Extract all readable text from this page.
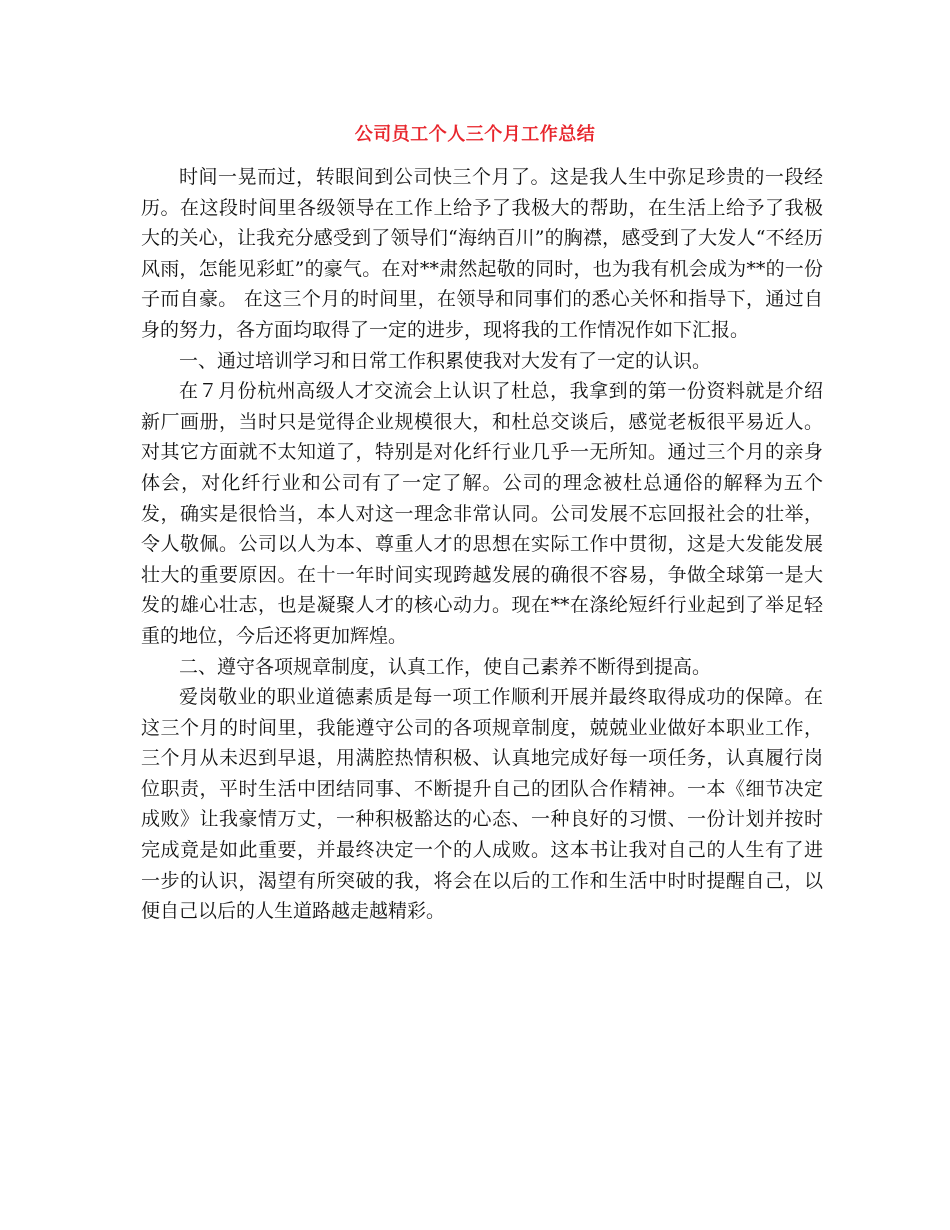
公司员工个人三个月工作总结

时间一晃而过，转眼间到公司快三个月了。这是我人生中弥足珍贵的一段经历。在这段时间里各级领导在工作上给予了我极大的帮助，在生活上给予了我极大的关心，让我充分感受到了领导们“海纳百川”的胸襟，感受到了大发人“不经历风雨，怎能见彩虹”的豪气。在对**肃然起敬的同时，也为我有机会成为**的一份子而自豪。 在这三个月的时间里，在领导和同事们的悉心关怀和指导下，通过自身的努力，各方面均取得了一定的进步，现将我的工作情况作如下汇报。

一、通过培训学习和日常工作积累使我对大发有了一定的认识。

在７月份杭州高级人才交流会上认识了杜总，我拿到的第一份资料就是介绍新厂画册，当时只是觉得企业规模很大，和杜总交谈后，感觉老板很平易近人。对其它方面就不太知道了，特别是对化纤行业几乎一无所知。通过三个月的亲身体会，对化纤行业和公司有了一定了解。公司的理念被杜总通俗的解释为五个发，确实是很恰当，本人对这一理念非常认同。公司发展不忘回报社会的壮举，令人敬佩。公司以人为本、尊重人才的思想在实际工作中贯彻，这是大发能发展壮大的重要原因。在十一年时间实现跨越发展的确很不容易，争做全球第一是大发的雄心壮志，也是凝聚人才的核心动力。现在**在涤纶短纤行业起到了举足轻重的地位，今后还将更加辉煌。

二、遵守各项规章制度，认真工作，使自己素养不断得到提高。

爱岗敬业的职业道德素质是每一项工作顺利开展并最终取得成功的保障。在这三个月的时间里，我能遵守公司的各项规章制度，兢兢业业做好本职业工作，三个月从未迟到早退，用满腔热情积极、认真地完成好每一项任务，认真履行岗位职责，平时生活中团结同事、不断提升自己的团队合作精神。一本《细节决定成败》让我豪情万丈，一种积极豁达的心态、一种良好的习惯、一份计划并按时完成竟是如此重要，并最终决定一个的人成败。这本书让我对自己的人生有了进一步的认识，渴望有所突破的我，将会在以后的工作和生活中时时提醒自己，以便自己以后的人生道路越走越精彩。
